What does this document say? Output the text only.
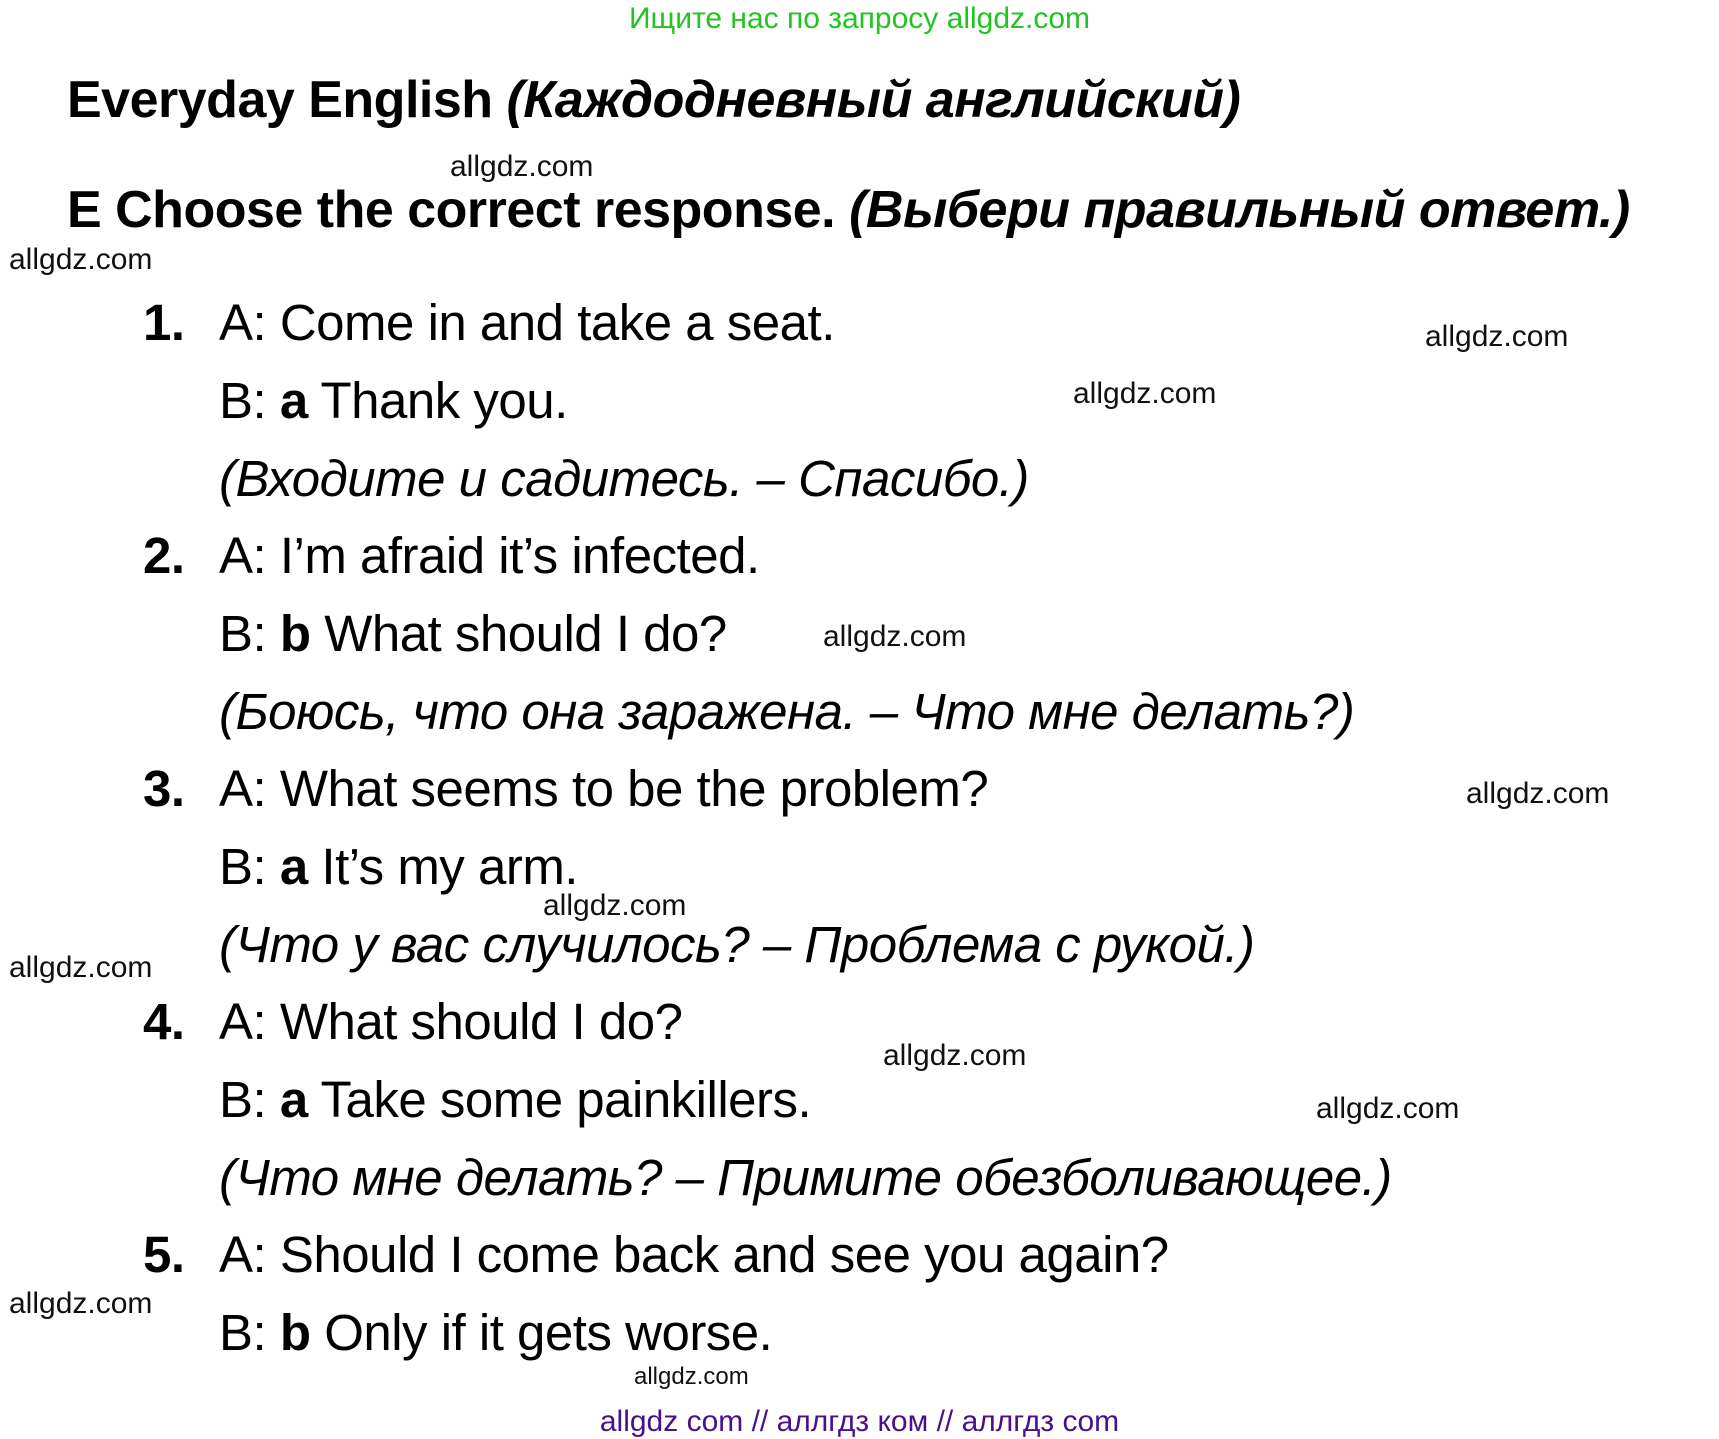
Ищите нас по запросу allgdz.com
Everyday English (Каждодневный английский)
E Choose the correct response. (Выбери правильный ответ.)
1. A: Come in and take a seat.
B: a Thank you.
(Входите и садитесь. – Спасибо.)
2. A: I’m afraid it’s infected.
B: b What should I do?
(Боюсь, что она заражена. – Что мне делать?)
3. A: What seems to be the problem?
B: a It’s my arm.
(Что у вас случилось? – Проблема с рукой.)
4. A: What should I do?
B: a Take some painkillers.
(Что мне делать? – Примите обезболивающее.)
5. A: Should I come back and see you again?
B: b Only if it gets worse.
allgdz.com
allgdz.com
allgdz.com
allgdz.com
allgdz.com
allgdz.com
allgdz.com
allgdz.com
allgdz.com
allgdz.com
allgdz.com
allgdz.com
allgdz com // аллгдз ком // аллгдз com
